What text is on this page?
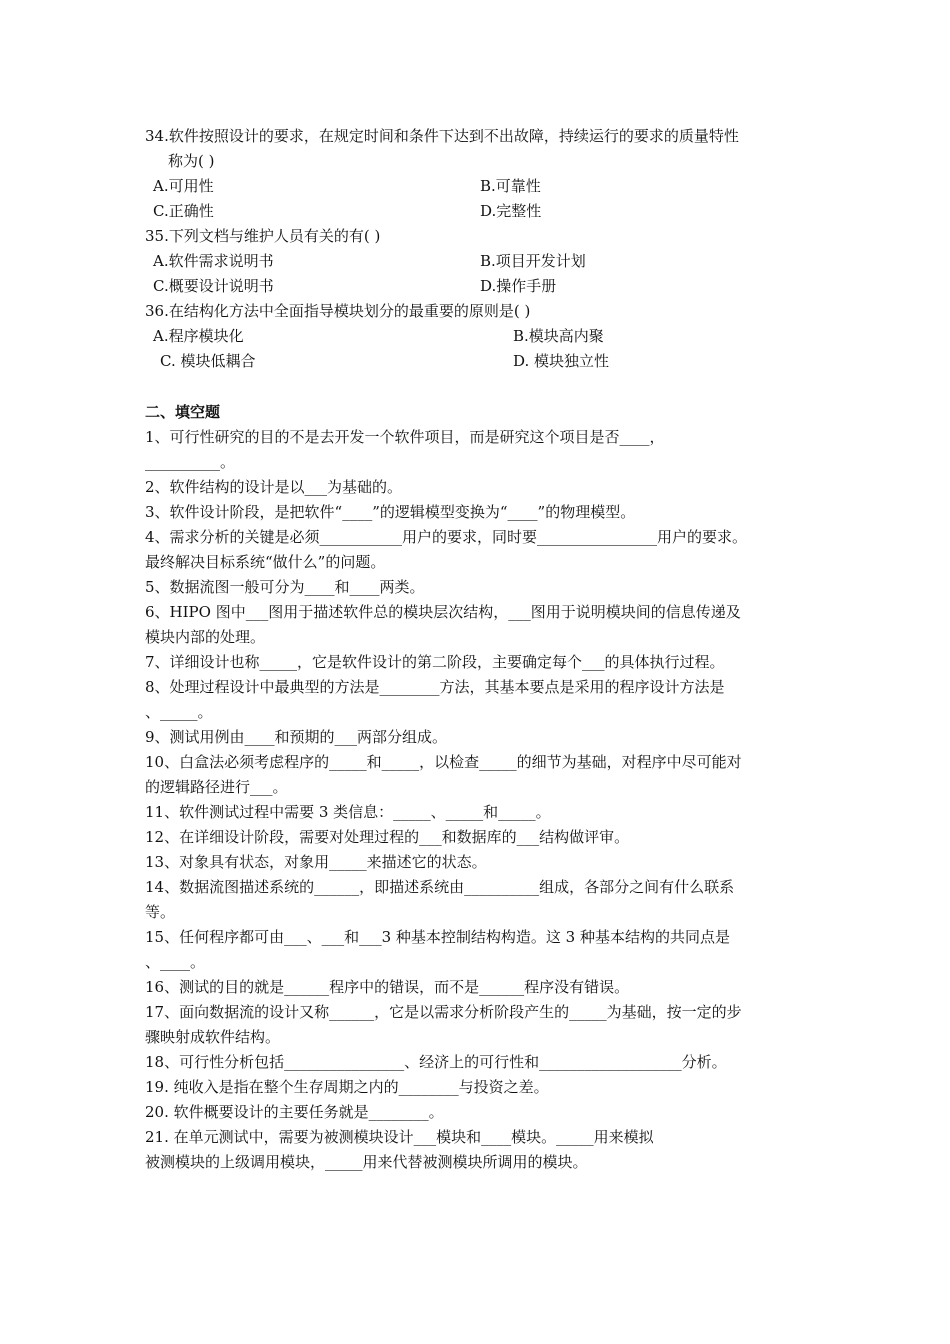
34.软件按照设计的要求，在规定时间和条件下达到不出故障，持续运行的要求的质量特性
称为( )
A.可用性	B.可靠性
C.正确性	D.完整性
35.下列文档与维护人员有关的有( )
A.软件需求说明书	B.项目开发计划
C.概要设计说明书	D.操作手册
36.在结构化方法中全面指导模块划分的最重要的原则是( )
A.程序模块化	B.模块高内聚
C. 模块低耦合	D. 模块独立性
二、填空题
1、可行性研究的目的不是去开发一个软件项目，而是研究这个项目是否____，
__________。
2、软件结构的设计是以___为基础的。
3、软件设计阶段，是把软件“____”的逻辑模型变换为“____”的物理模型。
4、需求分析的关键是必须___________用户的要求，同时要________________用户的要求。
最终解决目标系统“做什么”的问题。
5、数据流图一般可分为____和____两类。
6、HIPO 图中___图用于描述软件总的模块层次结构，___图用于说明模块间的信息传递及
模块内部的处理。
7、详细设计也称_____，它是软件设计的第二阶段，主要确定每个___的具体执行过程。
8、处理过程设计中最典型的方法是________方法，其基本要点是采用的程序设计方法是
、_____。
9、测试用例由____和预期的___两部分组成。
10、白盒法必须考虑程序的_____和_____，以检查_____的细节为基础，对程序中尽可能对
的逻辑路径进行___。
11、软件测试过程中需要 3 类信息：_____、_____和_____。
12、在详细设计阶段，需要对处理过程的___和数据库的___结构做评审。
13、对象具有状态，对象用_____来描述它的状态。
14、数据流图描述系统的______，即描述系统由__________组成，各部分之间有什么联系
等。
15、任何程序都可由___、___和___3 种基本控制结构构造。这 3 种基本结构的共同点是
、____。
16、测试的目的就是______程序中的错误，而不是______程序没有错误。
17、面向数据流的设计又称______，它是以需求分析阶段产生的_____为基础，按一定的步
骤映射成软件结构。
18、可行性分析包括________________、经济上的可行性和___________________分析。
19. 纯收入是指在整个生存周期之内的________与投资之差。
20. 软件概要设计的主要任务就是________。
21. 在单元测试中，需要为被测模块设计___模块和____模块。_____用来模拟
被测模块的上级调用模块，_____用来代替被测模块所调用的模块。
